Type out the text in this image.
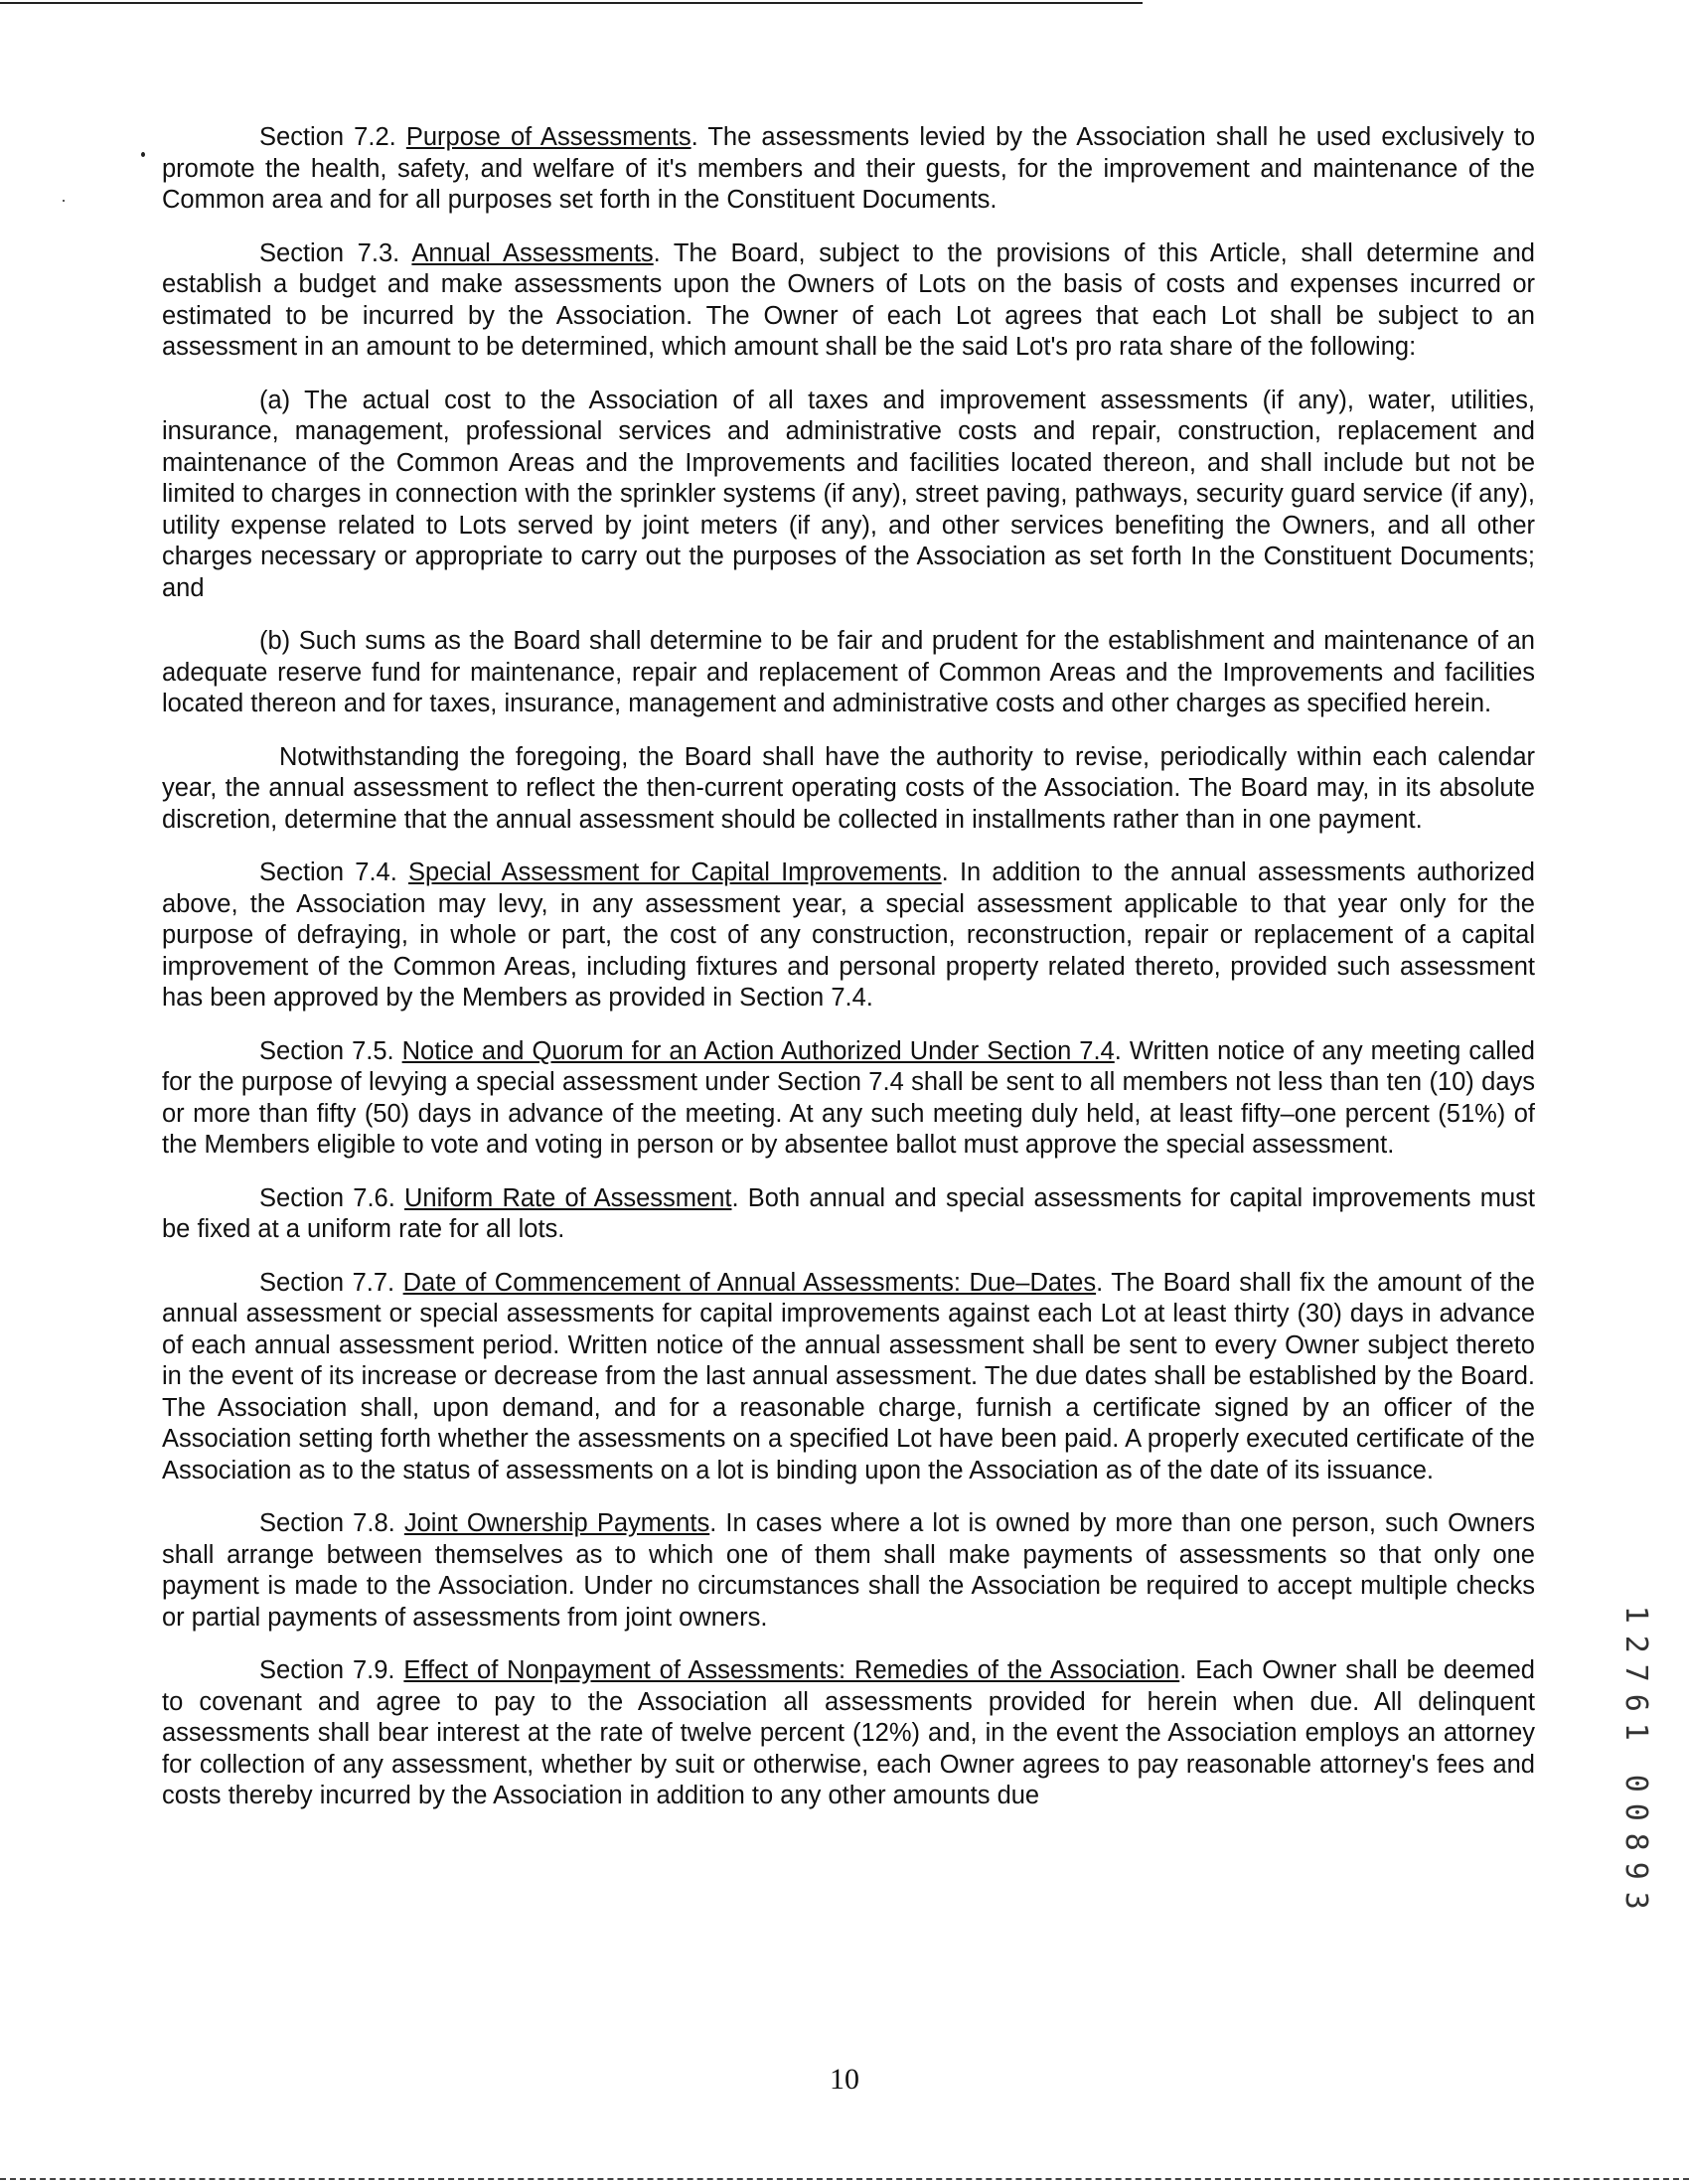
Section 7.2. Purpose of Assessments. The assessments levied by the Association shall he used exclusively to promote the health, safety, and welfare of it's members and their guests, for the improvement and maintenance of the Common area and for all purposes set forth in the Constituent Documents.

Section 7.3. Annual Assessments. The Board, subject to the provisions of this Article, shall determine and establish a budget and make assessments upon the Owners of Lots on the basis of costs and expenses incurred or estimated to be incurred by the Association. The Owner of each Lot agrees that each Lot shall be subject to an assessment in an amount to be determined, which amount shall be the said Lot's pro rata share of the following:

(a) The actual cost to the Association of all taxes and improvement assessments (if any), water, utilities, insurance, management, professional services and administrative costs and repair, construction, replacement and maintenance of the Common Areas and the Improvements and facilities located thereon, and shall include but not be limited to charges in connection with the sprinkler systems (if any), street paving, pathways, security guard service (if any), utility expense related to Lots served by joint meters (if any), and other services benefiting the Owners, and all other charges necessary or appropriate to carry out the purposes of the Association as set forth In the Constituent Documents; and

(b) Such sums as the Board shall determine to be fair and prudent for the establishment and maintenance of an adequate reserve fund for maintenance, repair and replacement of Common Areas and the Improvements and facilities located thereon and for taxes, insurance, management and administrative costs and other charges as specified herein.

Notwithstanding the foregoing, the Board shall have the authority to revise, periodically within each calendar year, the annual assessment to reflect the then-current operating costs of the Association. The Board may, in its absolute discretion, determine that the annual assessment should be collected in installments rather than in one payment.

Section 7.4. Special Assessment for Capital Improvements. In addition to the annual assessments authorized above, the Association may levy, in any assessment year, a special assessment applicable to that year only for the purpose of defraying, in whole or part, the cost of any construction, reconstruction, repair or replacement of a capital improvement of the Common Areas, including fixtures and personal property related thereto, provided such assessment has been approved by the Members as provided in Section 7.4.

Section 7.5. Notice and Quorum for an Action Authorized Under Section 7.4. Written notice of any meeting called for the purpose of levying a special assessment under Section 7.4 shall be sent to all members not less than ten (10) days or more than fifty (50) days in advance of the meeting. At any such meeting duly held, at least fifty–one percent (51%) of the Members eligible to vote and voting in person or by absentee ballot must approve the special assessment.

Section 7.6. Uniform Rate of Assessment. Both annual and special assessments for capital improvements must be fixed at a uniform rate for all lots.

Section 7.7. Date of Commencement of Annual Assessments: Due–Dates. The Board shall fix the amount of the annual assessment or special assessments for capital improvements against each Lot at least thirty (30) days in advance of each annual assessment period. Written notice of the annual assessment shall be sent to every Owner subject thereto in the event of its increase or decrease from the last annual assessment. The due dates shall be established by the Board. The Association shall, upon demand, and for a reasonable charge, furnish a certificate signed by an officer of the Association setting forth whether the assessments on a specified Lot have been paid. A properly executed certificate of the Association as to the status of assessments on a lot is binding upon the Association as of the date of its issuance.

Section 7.8. Joint Ownership Payments. In cases where a lot is owned by more than one person, such Owners shall arrange between themselves as to which one of them shall make payments of assessments so that only one payment is made to the Association. Under no circumstances shall the Association be required to accept multiple checks or partial payments of assessments from joint owners.

Section 7.9. Effect of Nonpayment of Assessments: Remedies of the Association. Each Owner shall be deemed to covenant and agree to pay to the Association all assessments provided for herein when due. All delinquent assessments shall bear interest at the rate of twelve percent (12%) and, in the event the Association employs an attorney for collection of any assessment, whether by suit or otherwise, each Owner agrees to pay reasonable attorney's fees and costs thereby incurred by the Association in addition to any other amounts due

1
2
7
6
1
0
0
8
9
3
10
